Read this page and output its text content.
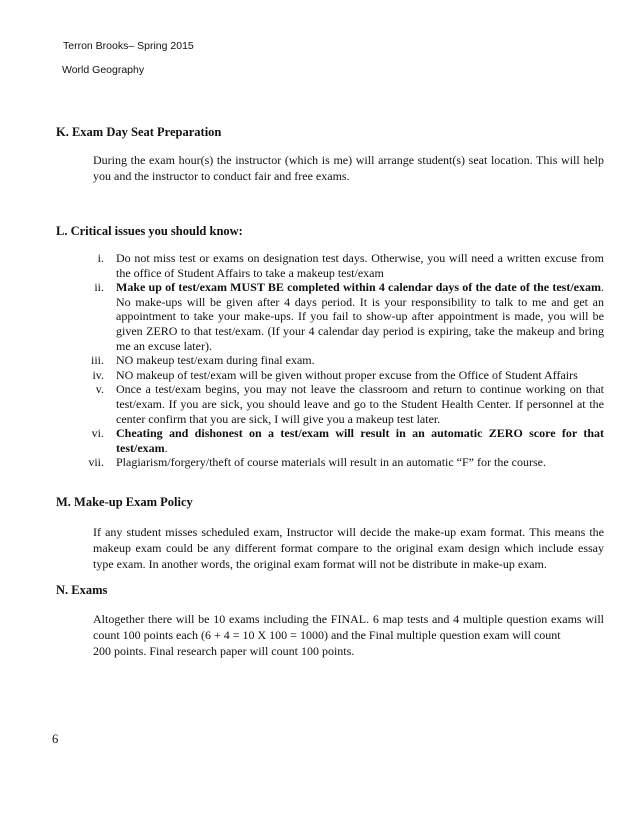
Terron Brooks– Spring 2015
World Geography
K. Exam Day Seat Preparation
During the exam hour(s) the instructor (which is me) will arrange student(s) seat location. This will help you and the instructor to conduct fair and free exams.
L. Critical issues you should know:
i.	Do not miss test or exams on designation test days. Otherwise, you will need a written excuse from the office of Student Affairs to take a makeup test/exam
ii.	Make up of test/exam MUST BE completed within 4 calendar days of the date of the test/exam. No make-ups will be given after 4 days period. It is your responsibility to talk to me and get an appointment to take your make-ups. If you fail to show-up after appointment is made, you will be given ZERO to that test/exam. (If your 4 calendar day period is expiring, take the makeup and bring me an excuse later).
iii.	NO makeup test/exam during final exam.
iv.	NO makeup of test/exam will be given without proper excuse from the Office of Student Affairs
v.	Once a test/exam begins, you may not leave the classroom and return to continue working on that test/exam. If you are sick, you should leave and go to the Student Health Center. If personnel at the center confirm that you are sick, I will give you a makeup test later.
vi.	Cheating and dishonest on a test/exam will result in an automatic ZERO score for that test/exam.
vii.	Plagiarism/forgery/theft of course materials will result in an automatic “F” for the course.
M. Make-up Exam Policy
If any student misses scheduled exam, Instructor will decide the make-up exam format. This means the makeup exam could be any different format compare to the original exam design which include essay type exam. In another words, the original exam format will not be distribute in make-up exam.
N. Exams
Altogether there will be 10 exams including the FINAL. 6 map tests and 4 multiple question exams will count 100 points each (6 + 4 = 10 X 100 = 1000) and the Final multiple question exam will count
200 points. Final research paper will count 100 points.
6
